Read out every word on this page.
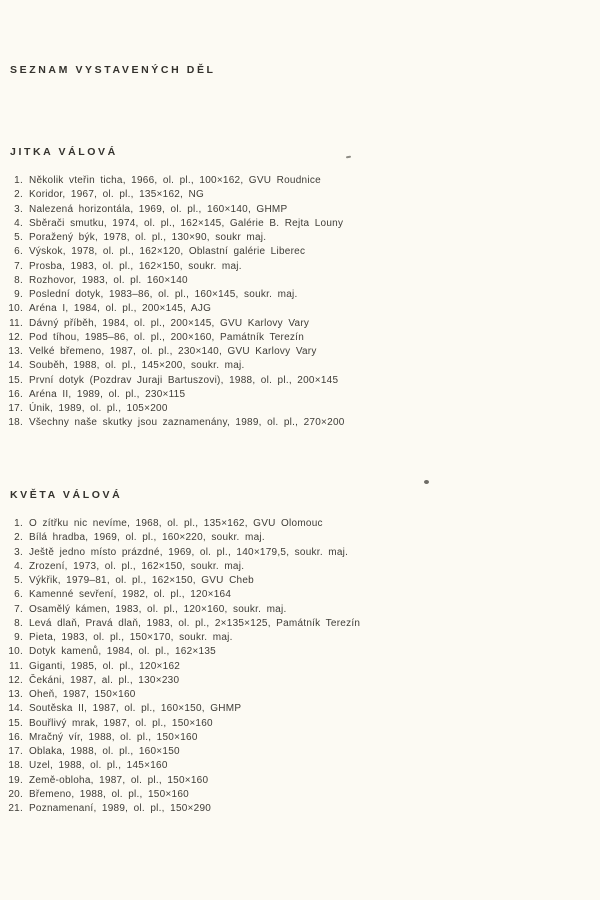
SEZNAM VYSTAVENÝCH DĚL
JITKA VÁLOVÁ
1. Několik vteřin ticha, 1966, ol. pl., 100×162, GVU Roudnice
2. Koridor, 1967, ol. pl., 135×162, NG
3. Nalezená horizontála, 1969, ol. pl., 160×140, GHMP
4. Sběrači smutku, 1974, ol. pl., 162×145, Galérie B. Rejta Louny
5. Poražený býk, 1978, ol. pl., 130×90, soukr maj.
6. Výskok, 1978, ol. pl., 162×120, Oblastní galérie Liberec
7. Prosba, 1983, ol. pl., 162×150, soukr. maj.
8. Rozhovor, 1983, ol. pl. 160×140
9. Poslední dotyk, 1983–86, ol. pl., 160×145, soukr. maj.
10. Aréna I, 1984, ol. pl., 200×145, AJG
11. Dávný příběh, 1984, ol. pl., 200×145, GVU Karlovy Vary
12. Pod tíhou, 1985–86, ol. pl., 200×160, Památník Terezín
13. Velké břemeno, 1987, ol. pl., 230×140, GVU Karlovy Vary
14. Souběh, 1988, ol. pl., 145×200, soukr. maj.
15. První dotyk (Pozdrav Juraji Bartuszovi), 1988, ol. pl., 200×145
16. Aréna II, 1989, ol. pl., 230×115
17. Únik, 1989, ol. pl., 105×200
18. Všechny naše skutky jsou zaznamenány, 1989, ol. pl., 270×200
KVĚTA VÁLOVÁ
1. O zítřku nic nevíme, 1968, ol. pl., 135×162, GVU Olomouc
2. Bílá hradba, 1969, ol. pl., 160×220, soukr. maj.
3. Ještě jedno místo prázdné, 1969, ol. pl., 140×179,5, soukr. maj.
4. Zrození, 1973, ol. pl., 162×150, soukr. maj.
5. Výkřik, 1979–81, ol. pl., 162×150, GVU Cheb
6. Kamenné sevření, 1982, ol. pl., 120×164
7. Osamělý kámen, 1983, ol. pl., 120×160, soukr. maj.
8. Levá dlaň, Pravá dlaň, 1983, ol. pl., 2×135×125, Památník Terezín
9. Pieta, 1983, ol. pl., 150×170, soukr. maj.
10. Dotyk kamenů, 1984, ol. pl., 162×135
11. Giganti, 1985, ol. pl., 120×162
12. Čekáni, 1987, al. pl., 130×230
13. Oheň, 1987, 150×160
14. Soutěska II, 1987, ol. pl., 160×150, GHMP
15. Bouřlivý mrak, 1987, ol. pl., 150×160
16. Mračný vír, 1988, ol. pl., 150×160
17. Oblaka, 1988, ol. pl., 160×150
18. Uzel, 1988, ol. pl., 145×160
19. Země-obloha, 1987, ol. pl., 150×160
20. Břemeno, 1988, ol. pl., 150×160
21. Poznamenaní, 1989, ol. pl., 150×290
